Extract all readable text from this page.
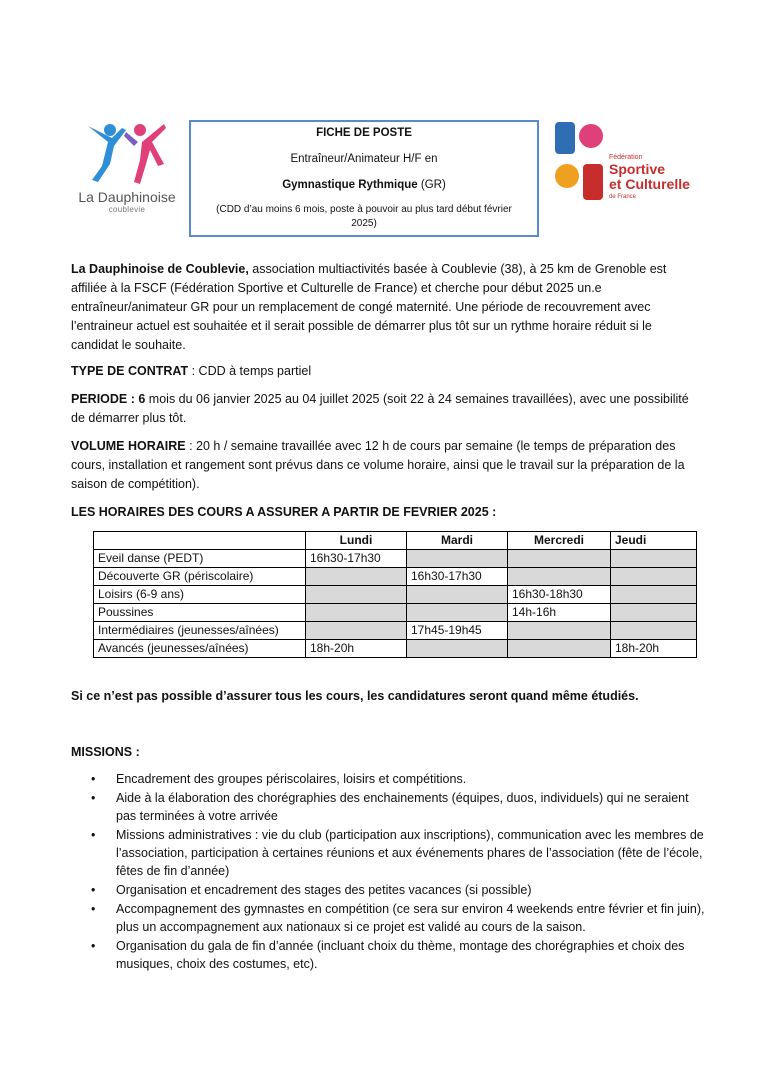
La Dauphinoise
coublevie
FICHE DE POSTE
Entraîneur/Animateur H/F en
Gymnastique Rythmique (GR)
(CDD d’au moins 6 mois, poste à pouvoir au plus tard début février 2025)
Fédération
Sportive
et Culturelle
de France

La Dauphinoise de Coublevie, association multiactivités basée à Coublevie (38), à 25 km de Grenoble est affiliée à la FSCF (Fédération Sportive et Culturelle de France) et cherche pour début 2025 un.e entraîneur/animateur GR pour un remplacement de congé maternité. Une période de recouvrement avec l’entraineur actuel est souhaitée et il serait possible de démarrer plus tôt sur un rythme horaire réduit si le candidat le souhaite.

TYPE DE CONTRAT : CDD à temps partiel

PERIODE : 6 mois du 06 janvier 2025 au 04 juillet 2025 (soit 22 à 24 semaines travaillées), avec une possibilité de démarrer plus tôt.

VOLUME HORAIRE : 20 h / semaine travaillée avec 12 h de cours par semaine (le temps de préparation des cours, installation et rangement sont prévus dans ce volume horaire, ainsi que le travail sur la préparation de la saison de compétition).

LES HORAIRES DES COURS A ASSURER A PARTIR DE FEVRIER 2025 :

	Lundi	Mardi	Mercredi	Jeudi
Eveil danse (PEDT)	16h30-17h30			
Découverte GR (périscolaire)		16h30-17h30		
Loisirs (6-9 ans)			16h30-18h30	
Poussines			14h-16h	
Intermédiaires (jeunesses/aînées)		17h45-19h45		
Avancés (jeunesses/aînées)	18h-20h			18h-20h

Si ce n’est pas possible d’assurer tous les cours, les candidatures seront quand même étudiés.

MISSIONS :

• Encadrement des groupes périscolaires, loisirs et compétitions.
• Aide à la élaboration des chorégraphies des enchainements (équipes, duos, individuels) qui ne seraient pas terminées à votre arrivée
• Missions administratives : vie du club (participation aux inscriptions), communication avec les membres de l’association, participation à certaines réunions et aux événements phares de l’association (fête de l’école, fêtes de fin d’année)
• Organisation et encadrement des stages des petites vacances (si possible)
• Accompagnement des gymnastes en compétition (ce sera sur environ 4 weekends entre février et fin juin), plus un accompagnement aux nationaux si ce projet est validé au cours de la saison.
• Organisation du gala de fin d’année (incluant choix du thème, montage des chorégraphies et choix des musiques, choix des costumes, etc).
